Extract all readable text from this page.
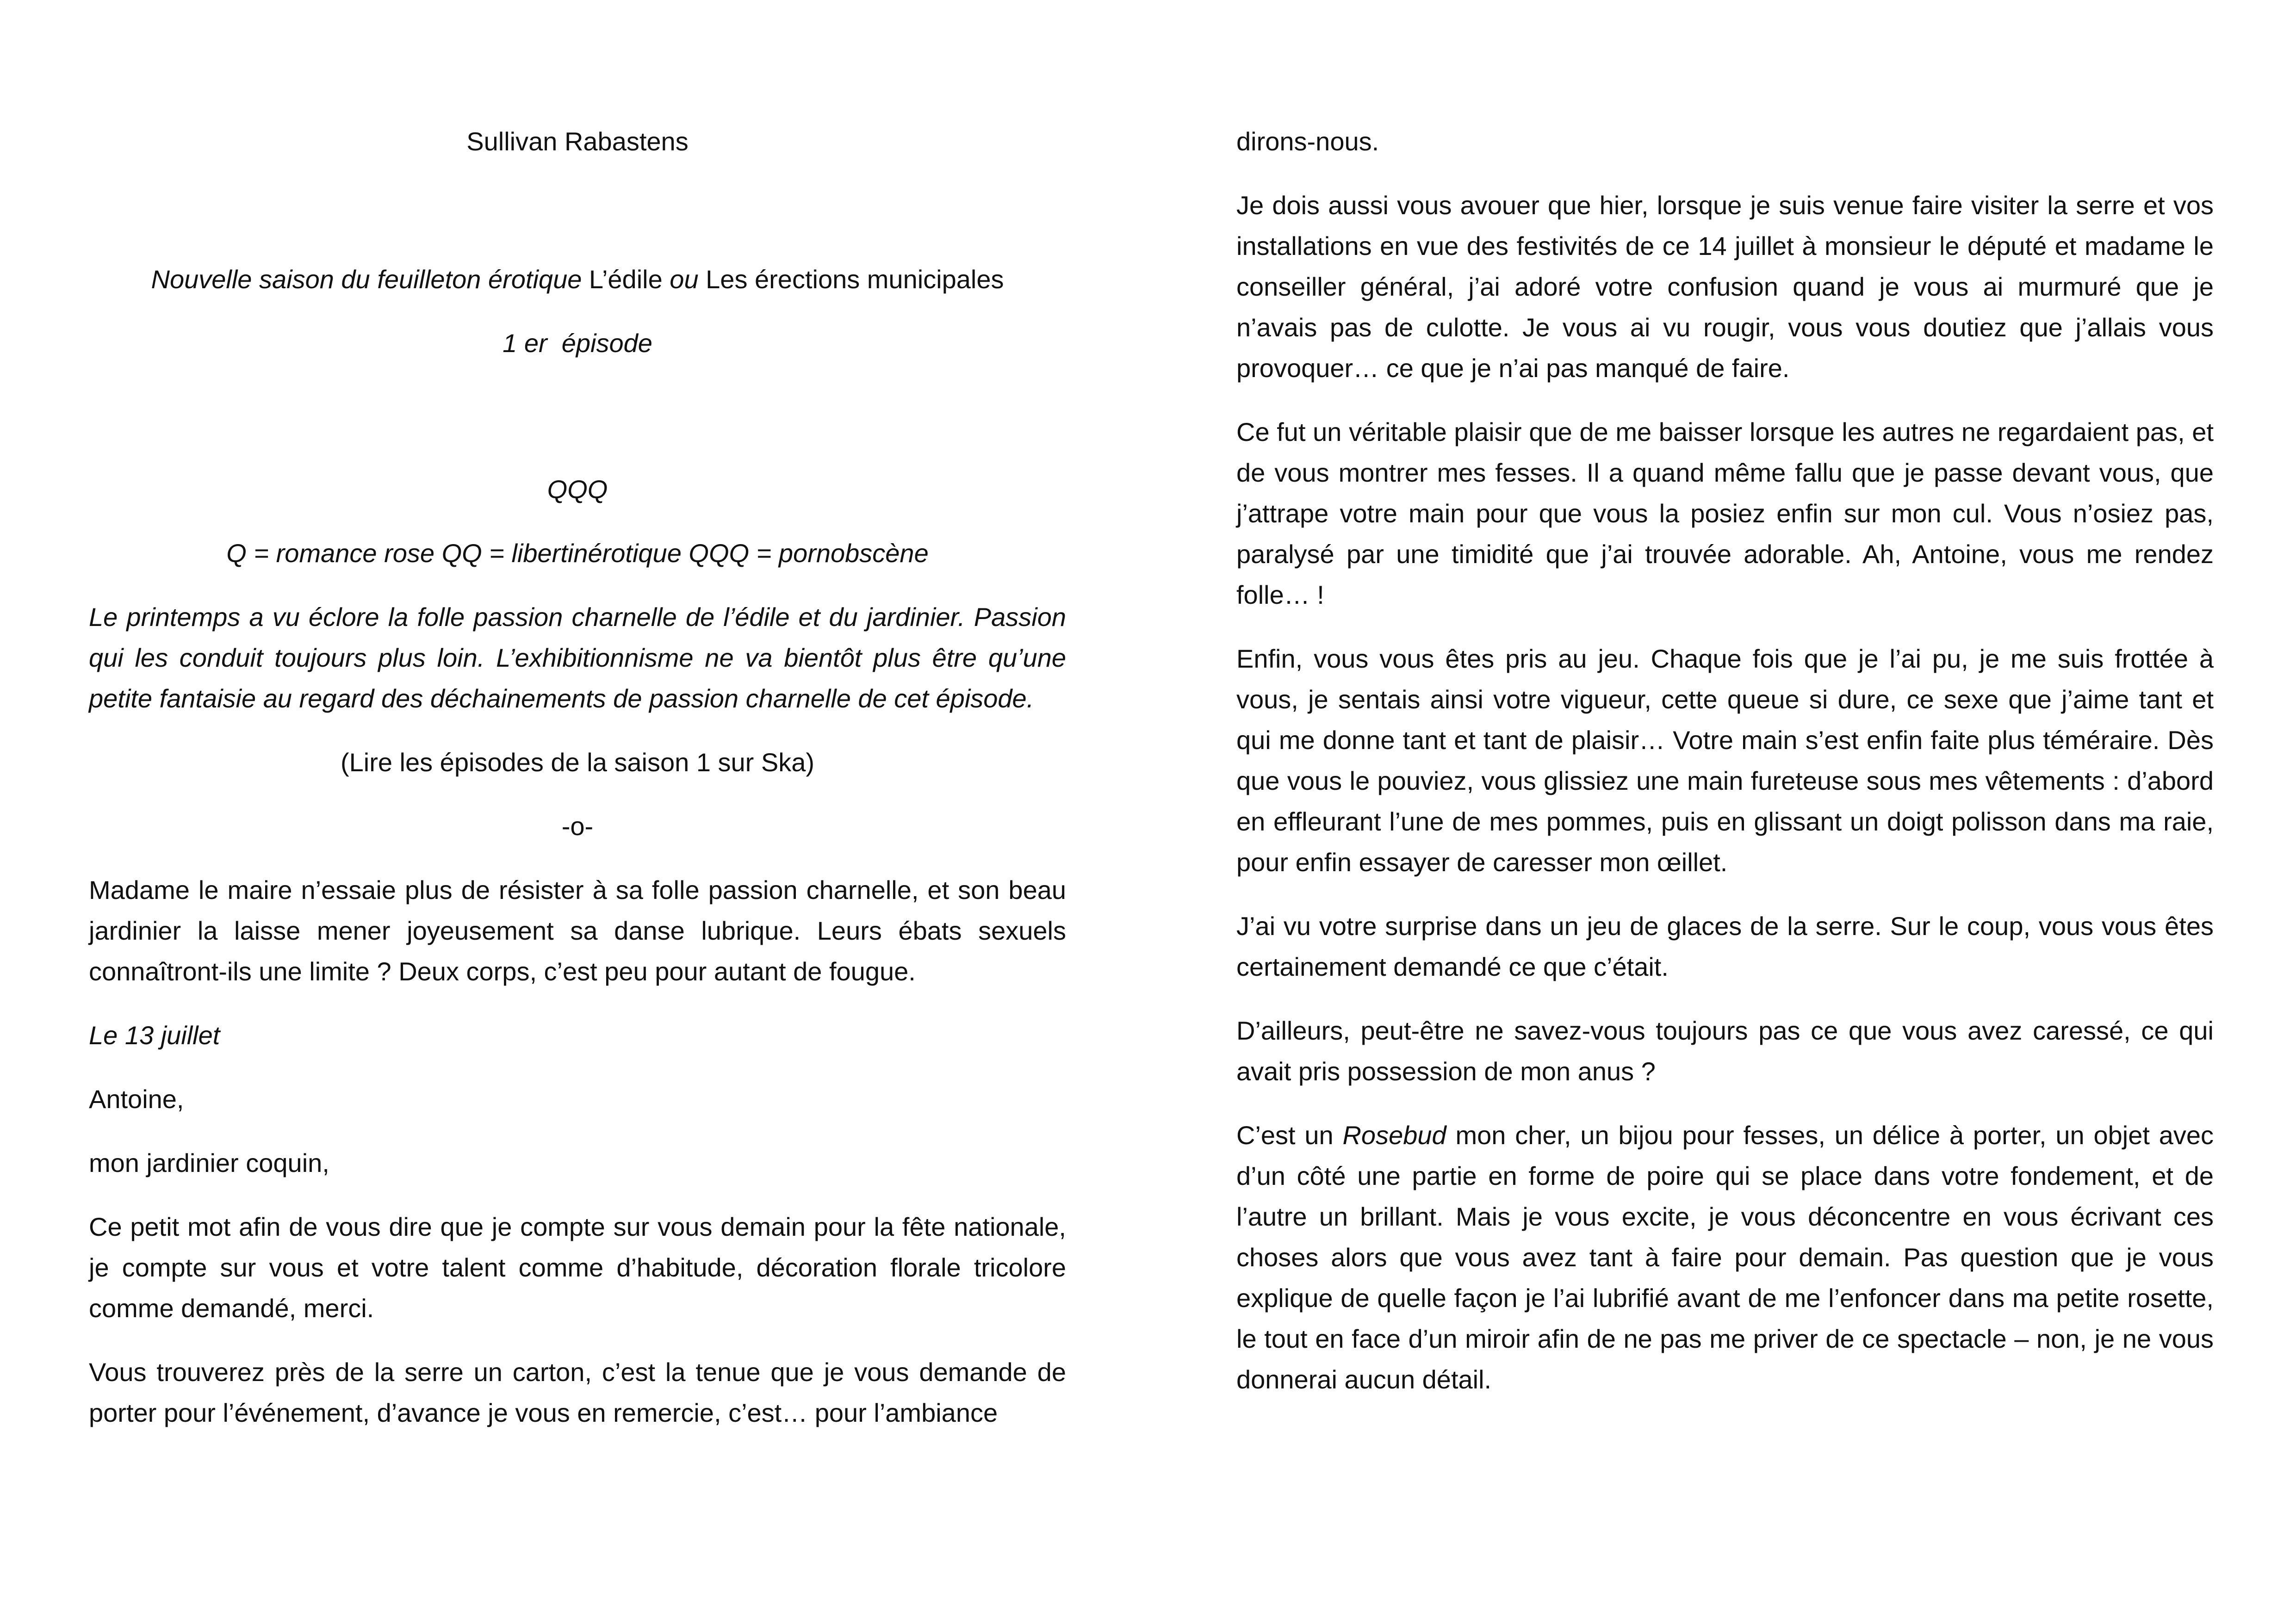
Sullivan Rabastens

Nouvelle saison du feuilleton érotique L’édile ou Les érections municipales

1 er  épisode

QQQ

Q = romance rose QQ = libertinérotique QQQ = pornobscène

Le printemps a vu éclore la folle passion charnelle de l’édile et du jardinier. Passion qui les conduit toujours plus loin. L’exhibitionnisme ne va bientôt plus être qu’une petite fantaisie au regard des déchainements de passion charnelle de cet épisode.

(Lire les épisodes de la saison 1 sur Ska)

-o-

Madame le maire n’essaie plus de résister à sa folle passion charnelle, et son beau jardinier la laisse mener joyeusement sa danse lubrique. Leurs ébats sexuels connaîtront-ils une limite ? Deux corps, c’est peu pour autant de fougue.

Le 13 juillet

Antoine,

mon jardinier coquin,

Ce petit mot afin de vous dire que je compte sur vous demain pour la fête nationale, je compte sur vous et votre talent comme d’habitude, décoration florale tricolore comme demandé, merci.

Vous trouverez près de la serre un carton, c’est la tenue que je vous demande de porter pour l’événement, d’avance je vous en remercie, c’est… pour l’ambiance

dirons-nous.

Je dois aussi vous avouer que hier, lorsque je suis venue faire visiter la serre et vos installations en vue des festivités de ce 14 juillet à monsieur le député et madame le conseiller général, j’ai adoré votre confusion quand je vous ai murmuré que je n’avais pas de culotte. Je vous ai vu rougir, vous vous doutiez que j’allais vous provoquer… ce que je n’ai pas manqué de faire.

Ce fut un véritable plaisir que de me baisser lorsque les autres ne regardaient pas, et de vous montrer mes fesses. Il a quand même fallu que je passe devant vous, que j’attrape votre main pour que vous la posiez enfin sur mon cul. Vous n’osiez pas, paralysé par une timidité que j’ai trouvée adorable. Ah, Antoine, vous me rendez folle… !

Enfin, vous vous êtes pris au jeu. Chaque fois que je l’ai pu, je me suis frottée à vous, je sentais ainsi votre vigueur, cette queue si dure, ce sexe que j’aime tant et qui me donne tant et tant de plaisir… Votre main s’est enfin faite plus téméraire. Dès que vous le pouviez, vous glissiez une main fureteuse sous mes vêtements : d’abord en effleurant l’une de mes pommes, puis en glissant un doigt polisson dans ma raie, pour enfin essayer de caresser mon œillet.

J’ai vu votre surprise dans un jeu de glaces de la serre. Sur le coup, vous vous êtes certainement demandé ce que c’était.

D’ailleurs, peut-être ne savez-vous toujours pas ce que vous avez caressé, ce qui avait pris possession de mon anus ?

C’est un Rosebud mon cher, un bijou pour fesses, un délice à porter, un objet avec d’un côté une partie en forme de poire qui se place dans votre fondement, et de l’autre un brillant. Mais je vous excite, je vous déconcentre en vous écrivant ces choses alors que vous avez tant à faire pour demain. Pas question que je vous explique de quelle façon je l’ai lubrifié avant de me l’enfoncer dans ma petite rosette, le tout en face d’un miroir afin de ne pas me priver de ce spectacle – non, je ne vous donnerai aucun détail.
